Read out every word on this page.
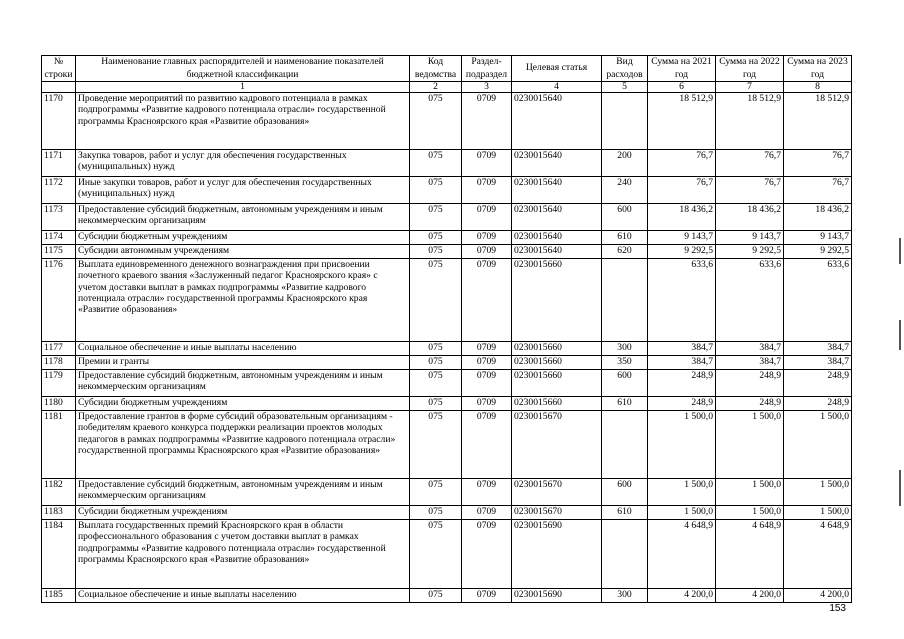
№ строки	Наименование главных распорядителей и наименование показателей бюджетной классификации	Код ведомства	Раздел-подраздел	Целевая статья	Вид расходов	Сумма на 2021 год	Сумма на 2022 год	Сумма на 2023 год
	1	2	3	4	5	6	7	8
1170	Проведение мероприятий по развитию кадрового потенциала в рамках подпрограммы «Развитие кадрового потенциала отрасли» государственной программы Красноярского края «Развитие образования»	075	0709	0230015640		18 512,9	18 512,9	18 512,9
1171	Закупка товаров, работ и услуг для обеспечения государственных (муниципальных) нужд	075	0709	0230015640	200	76,7	76,7	76,7
1172	Иные закупки товаров, работ и услуг для обеспечения государственных (муниципальных) нужд	075	0709	0230015640	240	76,7	76,7	76,7
1173	Предоставление субсидий бюджетным, автономным учреждениям и иным некоммерческим организациям	075	0709	0230015640	600	18 436,2	18 436,2	18 436,2
1174	Субсидии бюджетным учреждениям	075	0709	0230015640	610	9 143,7	9 143,7	9 143,7
1175	Субсидии автономным учреждениям	075	0709	0230015640	620	9 292,5	9 292,5	9 292,5
1176	Выплата единовременного денежного вознаграждения при присвоении почетного краевого звания «Заслуженный педагог Красноярского края» с учетом доставки выплат в рамках подпрограммы «Развитие кадрового потенциала отрасли» государственной программы Красноярского края «Развитие образования»	075	0709	0230015660		633,6	633,6	633,6
1177	Социальное обеспечение и иные выплаты населению	075	0709	0230015660	300	384,7	384,7	384,7
1178	Премии и гранты	075	0709	0230015660	350	384,7	384,7	384,7
1179	Предоставление субсидий бюджетным, автономным учреждениям и иным некоммерческим организациям	075	0709	0230015660	600	248,9	248,9	248,9
1180	Субсидии бюджетным учреждениям	075	0709	0230015660	610	248,9	248,9	248,9
1181	Предоставление грантов в форме субсидий образовательным организациям - победителям краевого конкурса поддержки реализации проектов молодых педагогов в рамках подпрограммы «Развитие кадрового потенциала отрасли» государственной программы Красноярского края «Развитие образования»	075	0709	0230015670		1 500,0	1 500,0	1 500,0
1182	Предоставление субсидий бюджетным, автономным учреждениям и иным некоммерческим организациям	075	0709	0230015670	600	1 500,0	1 500,0	1 500,0
1183	Субсидии бюджетным учреждениям	075	0709	0230015670	610	1 500,0	1 500,0	1 500,0
1184	Выплата государственных премий Красноярского края в области профессионального образования с учетом доставки выплат в рамках подпрограммы «Развитие кадрового потенциала отрасли» государственной программы Красноярского края «Развитие образования»	075	0709	0230015690		4 648,9	4 648,9	4 648,9
1185	Социальное обеспечение и иные выплаты населению	075	0709	0230015690	300	4 200,0	4 200,0	4 200,0
153
